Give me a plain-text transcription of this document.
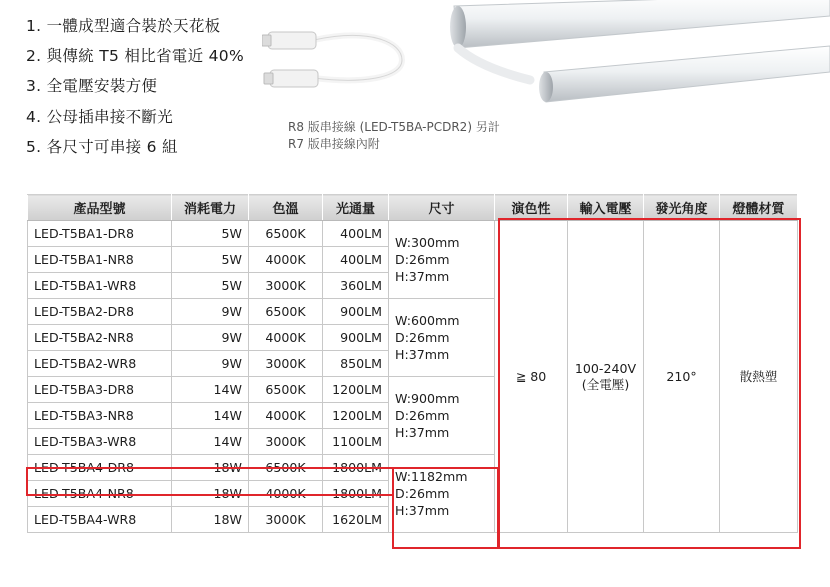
1. 一體成型適合裝於天花板
2. 與傳統 T5 相比省電近 40%
3. 全電壓安裝方便
4. 公母插串接不斷光
5. 各尺寸可串接 6 組
R8 版串接線 (LED-T5BA-PCDR2) 另計
R7 版串接線內附
產品型號	消耗電力	色溫	光通量	尺寸	演色性	輸入電壓	發光角度	燈體材質
LED-T5BA1-DR8	5W	6500K	400LM	W:300mm
D:26mm
H:37mm	≧ 80	100-240V
(全電壓)	210°	散熱塑
LED-T5BA1-NR8	5W	4000K	400LM					
LED-T5BA1-WR8	5W	3000K	360LM					
LED-T5BA2-DR8	9W	6500K	900LM	W:600mm
D:26mm
H:37mm				

LED-T5BA2-NR8	9W	4000K	900LM					
LED-T5BA2-WR8	9W	3000K	850LM					
LED-T5BA3-DR8	14W	6500K	1200LM	W:900mm
D:26mm
H:37mm				

LED-T5BA3-NR8	14W	4000K	1200LM					
LED-T5BA3-WR8	14W	3000K	1100LM					
LED-T5BA4-DR8	18W	6500K	1800LM	W:1182mm
D:26mm
H:37mm				

LED-T5BA4-NR8	18W	4000K	1800LM					
LED-T5BA4-WR8	18W	3000K	1620LM					
